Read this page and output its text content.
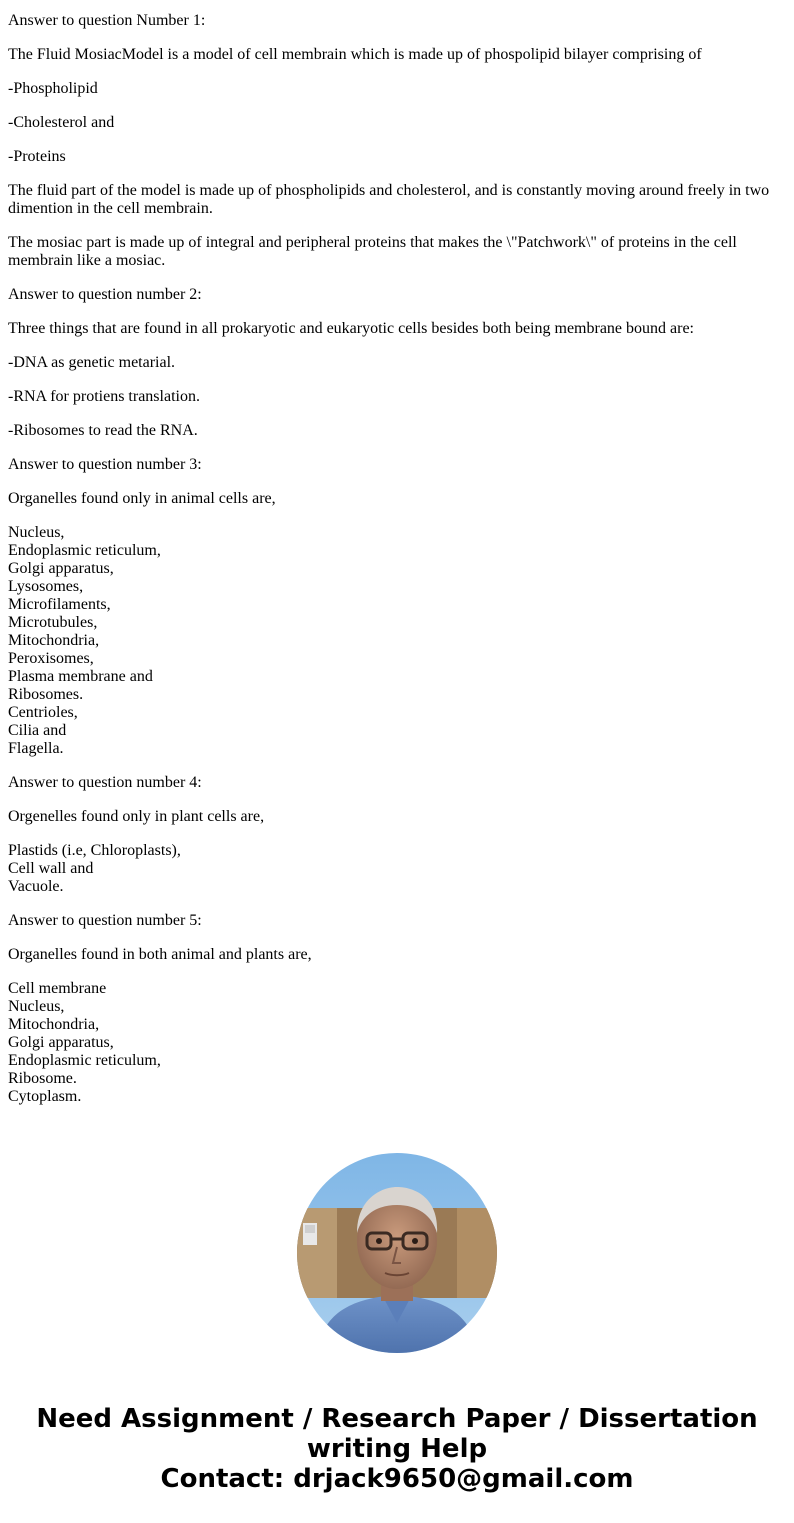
Answer to question Number 1:

The Fluid MosiacModel is a model of cell membrain which is made up of phospolipid bilayer comprising of

-Phospholipid

-Cholesterol and

-Proteins

The fluid part of the model is made up of phospholipids and cholesterol, and is constantly moving around freely in two dimention in the cell membrain.

The mosiac part is made up of integral and peripheral proteins that makes the \"Patchwork\" of proteins in the cell membrain like a mosiac.

Answer to question number 2:

Three things that are found in all prokaryotic and eukaryotic cells besides both being membrane bound are:

-DNA as genetic metarial.

-RNA for protiens translation.

-Ribosomes to read the RNA.

Answer to question number 3:

Organelles found only in animal cells are,

Nucleus,
Endoplasmic reticulum,
Golgi apparatus,
Lysosomes,
Microfilaments,
Microtubules,
Mitochondria,
Peroxisomes,
Plasma membrane and
Ribosomes.
Centrioles,
Cilia and
Flagella.

Answer to question number 4:

Orgenelles found only in plant cells are,

Plastids (i.e, Chloroplasts),
Cell wall and
Vacuole.

Answer to question number 5:

Organelles found in both animal and plants are,

Cell membrane
Nucleus,
Mitochondria,
Golgi apparatus,
Endoplasmic reticulum,
Ribosome.
Cytoplasm.

Need Assignment / Research Paper / Dissertation
writing Help
Contact: drjack9650@gmail.com
